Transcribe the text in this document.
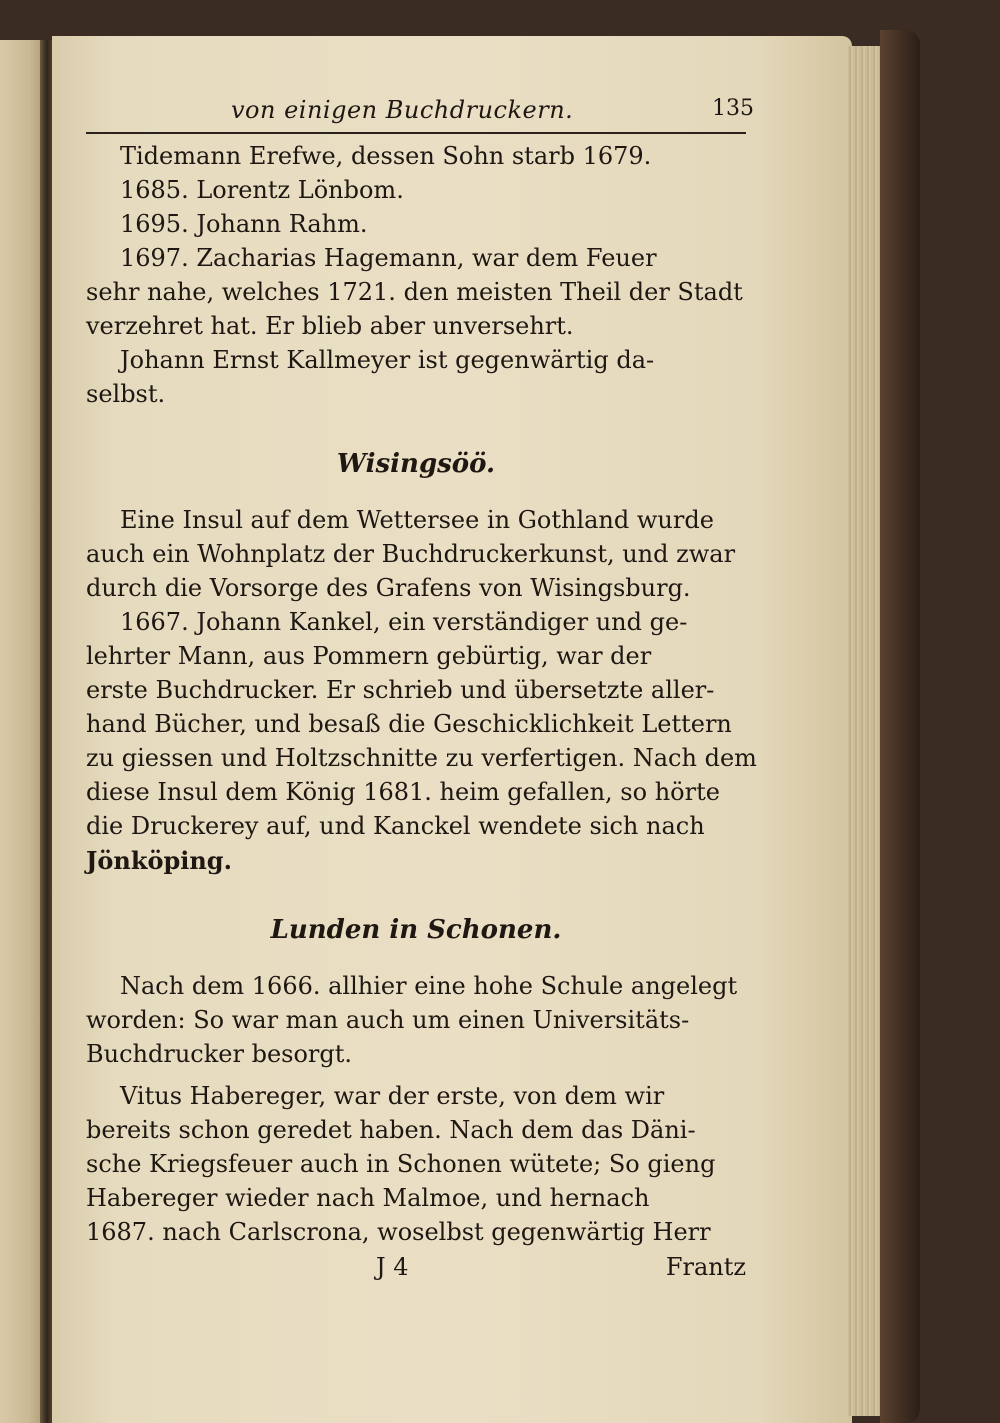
von einigen Buchdruckern.	135
Tidemann Erefwe, dessen Sohn starb 1679.
1685. Lorentz Lönbom.
1695. Johann Rahm.
1697. Zacharias Hagemann, war dem Feuer
sehr nahe, welches 1721. den meisten Theil der Stadt
verzehret hat. Er blieb aber unversehrt.
Johann Ernst Kallmeyer ist gegenwärtig da-
selbst.
Wisingsöö.
Eine Insul auf dem Wettersee in Gothland wurde
auch ein Wohnplatz der Buchdruckerkunst, und zwar
durch die Vorsorge des Grafens von Wisingsburg.
1667. Johann Kankel, ein verständiger und ge-
lehrter Mann, aus Pommern gebürtig, war der
erste Buchdrucker. Er schrieb und übersetzte aller-
hand Bücher, und besaß die Geschicklichkeit Lettern
zu giessen und Holtzschnitte zu verfertigen. Nach dem
diese Insul dem König 1681. heim gefallen, so hörte
die Druckerey auf, und Kanckel wendete sich nach
Jönköping.
Lunden in Schonen.
Nach dem 1666. allhier eine hohe Schule angelegt
worden: So war man auch um einen Universitäts-
Buchdrucker besorgt.
Vitus Habereger, war der erste, von dem wir
bereits schon geredet haben. Nach dem das Däni-
sche Kriegsfeuer auch in Schonen wütete; So gieng
Habereger wieder nach Malmoe, und hernach
1687. nach Carlscrona, woselbst gegenwärtig Herr
J 4	Frantz
